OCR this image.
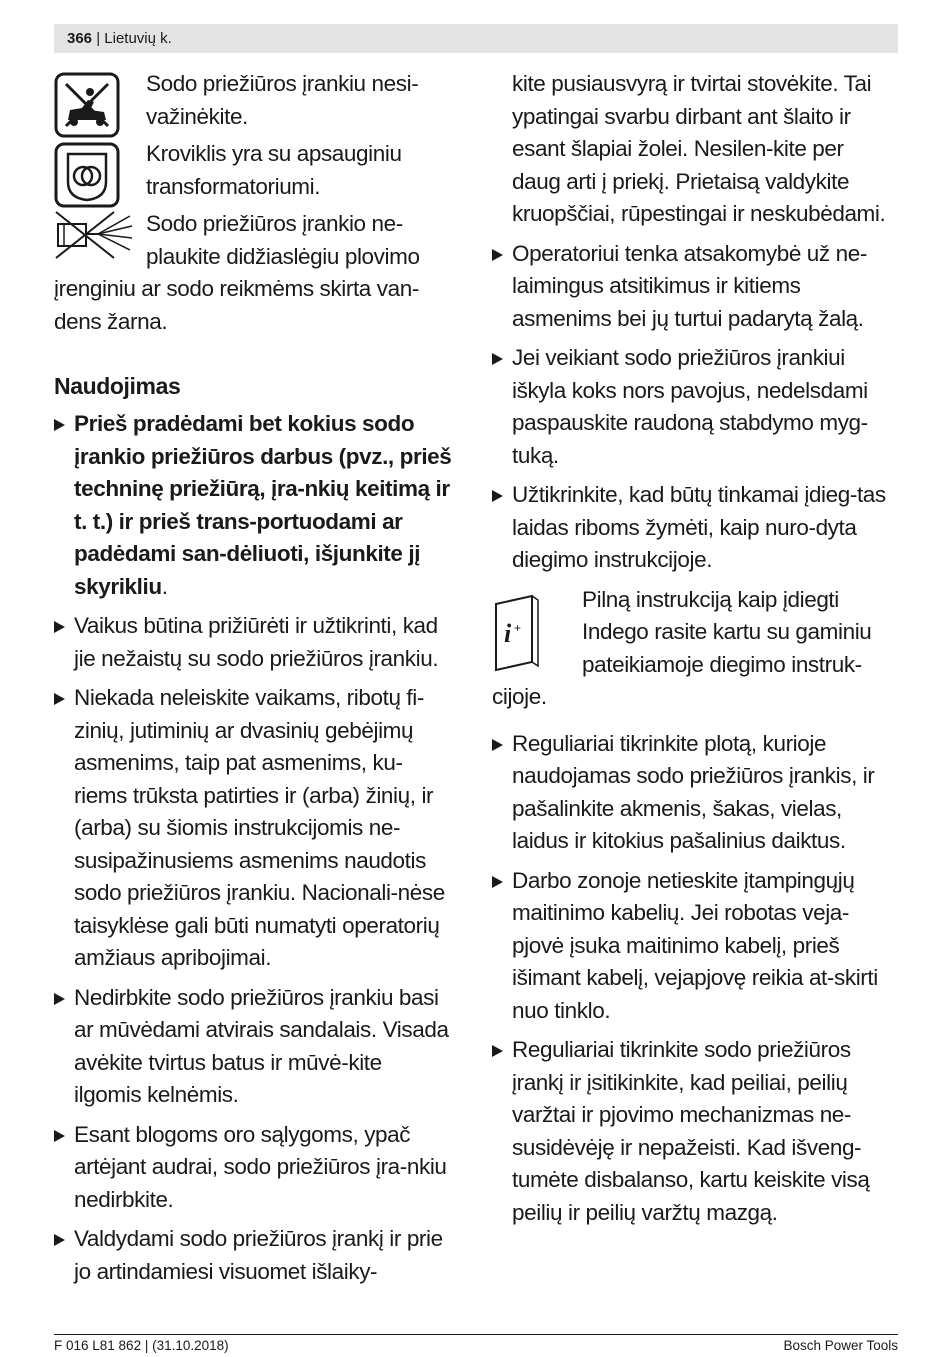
366 | Lietuvių k.

Sodo priežiūros įrankiu nesi-važinėkite.

Kroviklis yra su apsauginiu transformatoriumi.

Sodo priežiūros įrankio ne-plaukite didžiaslėgiu plovimo įrenginiu ar sodo reikmėms skirta van-dens žarna.

Naudojimas
Prieš pradėdami bet kokius sodo įrankio priežiūros darbus (pvz., prieš techninę priežiūrą, įra-nkių keitimą ir t. t.) ir prieš trans-portuodami ar padėdami san-dėliuoti, išjunkite jį skyrikliu.
Vaikus būtina prižiūrėti ir užtikrinti, kad jie nežaistų su sodo priežiūros įrankiu.
Niekada neleiskite vaikams, ribotų fi-zinių, jutiminių ar dvasinių gebėjimų asmenims, taip pat asmenims, ku-riems trūksta patirties ir (arba) žinių, ir (arba) su šiomis instrukcijomis ne-susipažinusiems asmenims naudotis sodo priežiūros įrankiu. Nacionali-nėse taisyklėse gali būti numatyti operatorių amžiaus apribojimai.
Nedirbkite sodo priežiūros įrankiu basi ar mūvėdami atvirais sandalais. Visada avėkite tvirtus batus ir mūvė-kite ilgomis kelnėmis.
Esant blogoms oro sąlygoms, ypač artėjant audrai, sodo priežiūros įra-nkiu nedirbkite.
Valdydami sodo priežiūros įrankį ir prie jo artindamiesi visuomet išlaiky-

kite pusiausvyrą ir tvirtai stovėkite. Tai ypatingai svarbu dirbant ant šlaito ir esant šlapiai žolei. Nesilen-kite per daug arti į priekį. Prietaisą valdykite kruopščiai, rūpestingai ir neskubėdami.

Operatoriui tenka atsakomybė už ne-laimingus atsitikimus ir kitiems asmenims bei jų turtui padarytą žalą.
Jei veikiant sodo priežiūros įrankiui iškyla koks nors pavojus, nedelsdami paspauskite raudoną stabdymo myg-tuką.
Užtikrinkite, kad būtų tinkamai įdieg-tas laidas riboms žymėti, kaip nuro-dyta diegimo instrukcijoje.

i +
Pilną instrukciją kaip įdiegti Indego rasite kartu su gaminiu pateikiamoje diegimo instruk-cijoje.

Reguliariai tikrinkite plotą, kurioje naudojamas sodo priežiūros įrankis, ir pašalinkite akmenis, šakas, vielas, laidus ir kitokius pašalinius daiktus.
Darbo zonoje netieskite įtampingųjų maitinimo kabelių. Jei robotas veja-pjovė įsuka maitinimo kabelį, prieš išimant kabelį, vejapjovę reikia at-skirti nuo tinklo.
Reguliariai tikrinkite sodo priežiūros įrankį ir įsitikinkite, kad peiliai, peilių varžtai ir pjovimo mechanizmas ne-susidėvėję ir nepažeisti. Kad išveng-tumėte disbalanso, kartu keiskite visą peilių ir peilių varžtų mazgą.
F 016 L81 862 | (31.10.2018)	Bosch Power Tools
